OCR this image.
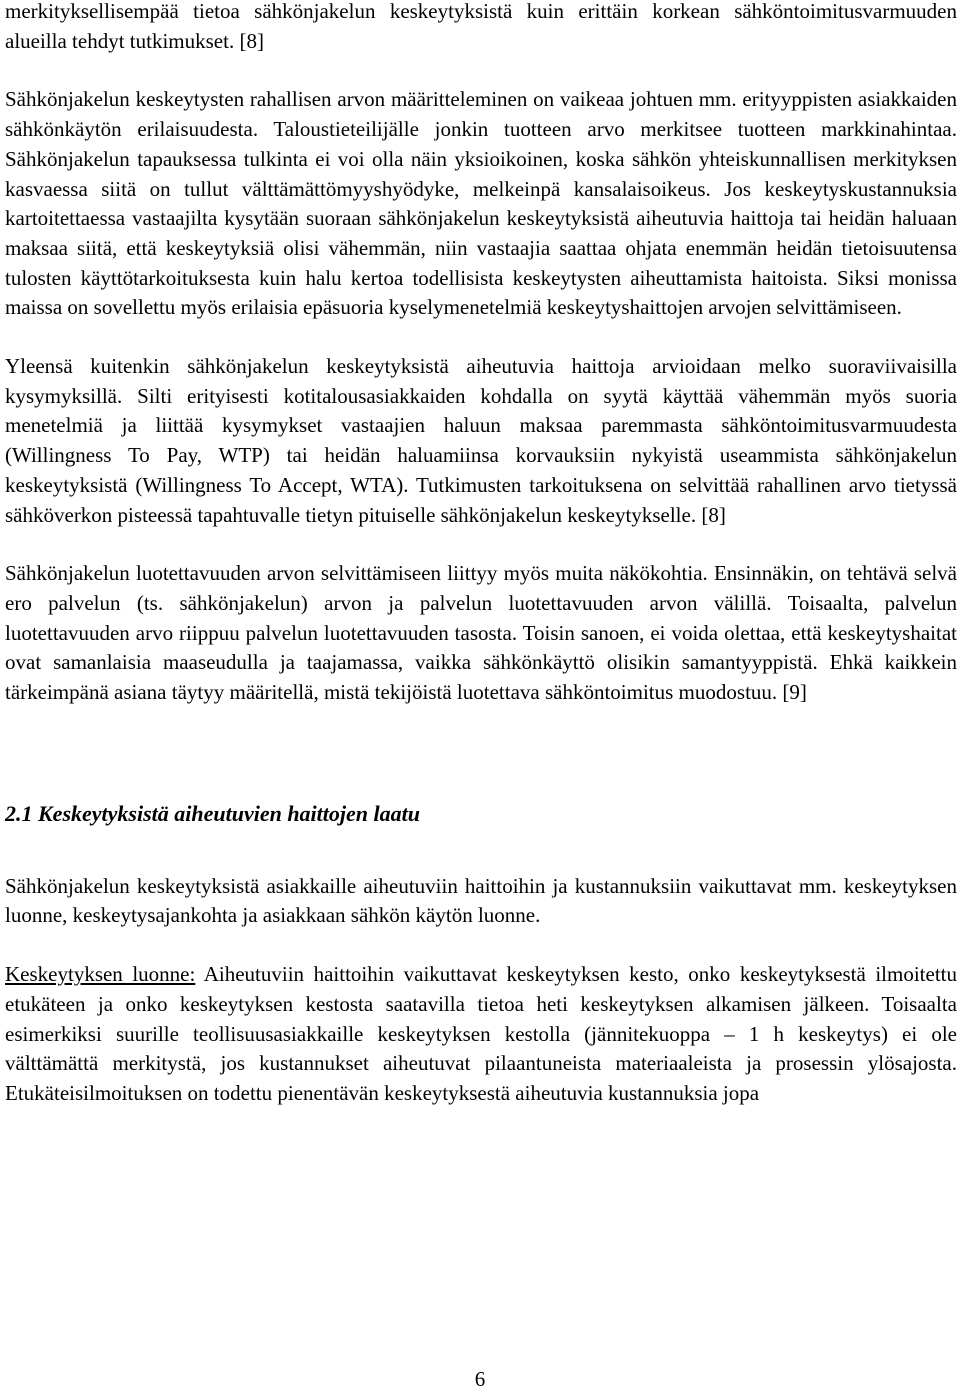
merkityksellisempää tietoa sähkönjakelun keskeytyksistä kuin erittäin korkean sähköntoimitusvarmuuden alueilla tehdyt tutkimukset. [8]

Sähkönjakelun keskeytysten rahallisen arvon määritteleminen on vaikeaa johtuen mm. erityyppisten asiakkaiden sähkönkäytön erilaisuudesta. Taloustieteilijälle jonkin tuotteen arvo merkitsee tuotteen markkinahintaa. Sähkönjakelun tapauksessa tulkinta ei voi olla näin yksioikoinen, koska sähkön yhteiskunnallisen merkityksen kasvaessa siitä on tullut välttämättömyyshyödyke, melkeinpä kansalaisoikeus. Jos keskeytyskustannuksia kartoitettaessa vastaajilta kysytään suoraan sähkönjakelun keskeytyksistä aiheutuvia haittoja tai heidän haluaan maksaa siitä, että keskeytyksiä olisi vähemmän, niin vastaajia saattaa ohjata enemmän heidän tietoisuutensa tulosten käyttötarkoituksesta kuin halu kertoa todellisista keskeytysten aiheuttamista haitoista. Siksi monissa maissa on sovellettu myös erilaisia epäsuoria kyselymenetelmiä keskeytyshaittojen arvojen selvittämiseen.

Yleensä kuitenkin sähkönjakelun keskeytyksistä aiheutuvia haittoja arvioidaan melko suoraviivaisilla kysymyksillä. Silti erityisesti kotitalousasiakkaiden kohdalla on syytä käyttää vähemmän myös suoria menetelmiä ja liittää kysymykset vastaajien haluun maksaa paremmasta sähköntoimitusvarmuudesta (Willingness To Pay, WTP) tai heidän haluamiinsa korvauksiin nykyistä useammista sähkönjakelun keskeytyksistä (Willingness To Accept, WTA). Tutkimusten tarkoituksena on selvittää rahallinen arvo tietyssä sähköverkon pisteessä tapahtuvalle tietyn pituiselle sähkönjakelun keskeytykselle. [8]

Sähkönjakelun luotettavuuden arvon selvittämiseen liittyy myös muita näkökohtia. Ensinnäkin, on tehtävä selvä ero palvelun (ts. sähkönjakelun) arvon ja palvelun luotettavuuden arvon välillä. Toisaalta, palvelun luotettavuuden arvo riippuu palvelun luotettavuuden tasosta. Toisin sanoen, ei voida olettaa, että keskeytyshaitat ovat samanlaisia maaseudulla ja taajamassa, vaikka sähkönkäyttö olisikin samantyyppistä. Ehkä kaikkein tärkeimpänä asiana täytyy määritellä, mistä tekijöistä luotettava sähköntoimitus muodostuu. [9]

2.1 Keskeytyksistä aiheutuvien haittojen laatu

Sähkönjakelun keskeytyksistä asiakkaille aiheutuviin haittoihin ja kustannuksiin vaikuttavat mm. keskeytyksen luonne, keskeytysajankohta ja asiakkaan sähkön käytön luonne.

Keskeytyksen luonne: Aiheutuviin haittoihin vaikuttavat keskeytyksen kesto, onko keskeytyksestä ilmoitettu etukäteen ja onko keskeytyksen kestosta saatavilla tietoa heti keskeytyksen alkamisen jälkeen. Toisaalta esimerkiksi suurille teollisuusasiakkaille keskeytyksen kestolla (jännitekuoppa – 1 h keskeytys) ei ole välttämättä merkitystä, jos kustannukset aiheutuvat pilaantuneista materiaaleista ja prosessin ylösajosta. Etukäteisilmoituksen on todettu pienentävän keskeytyksestä aiheutuvia kustannuksia jopa

6
